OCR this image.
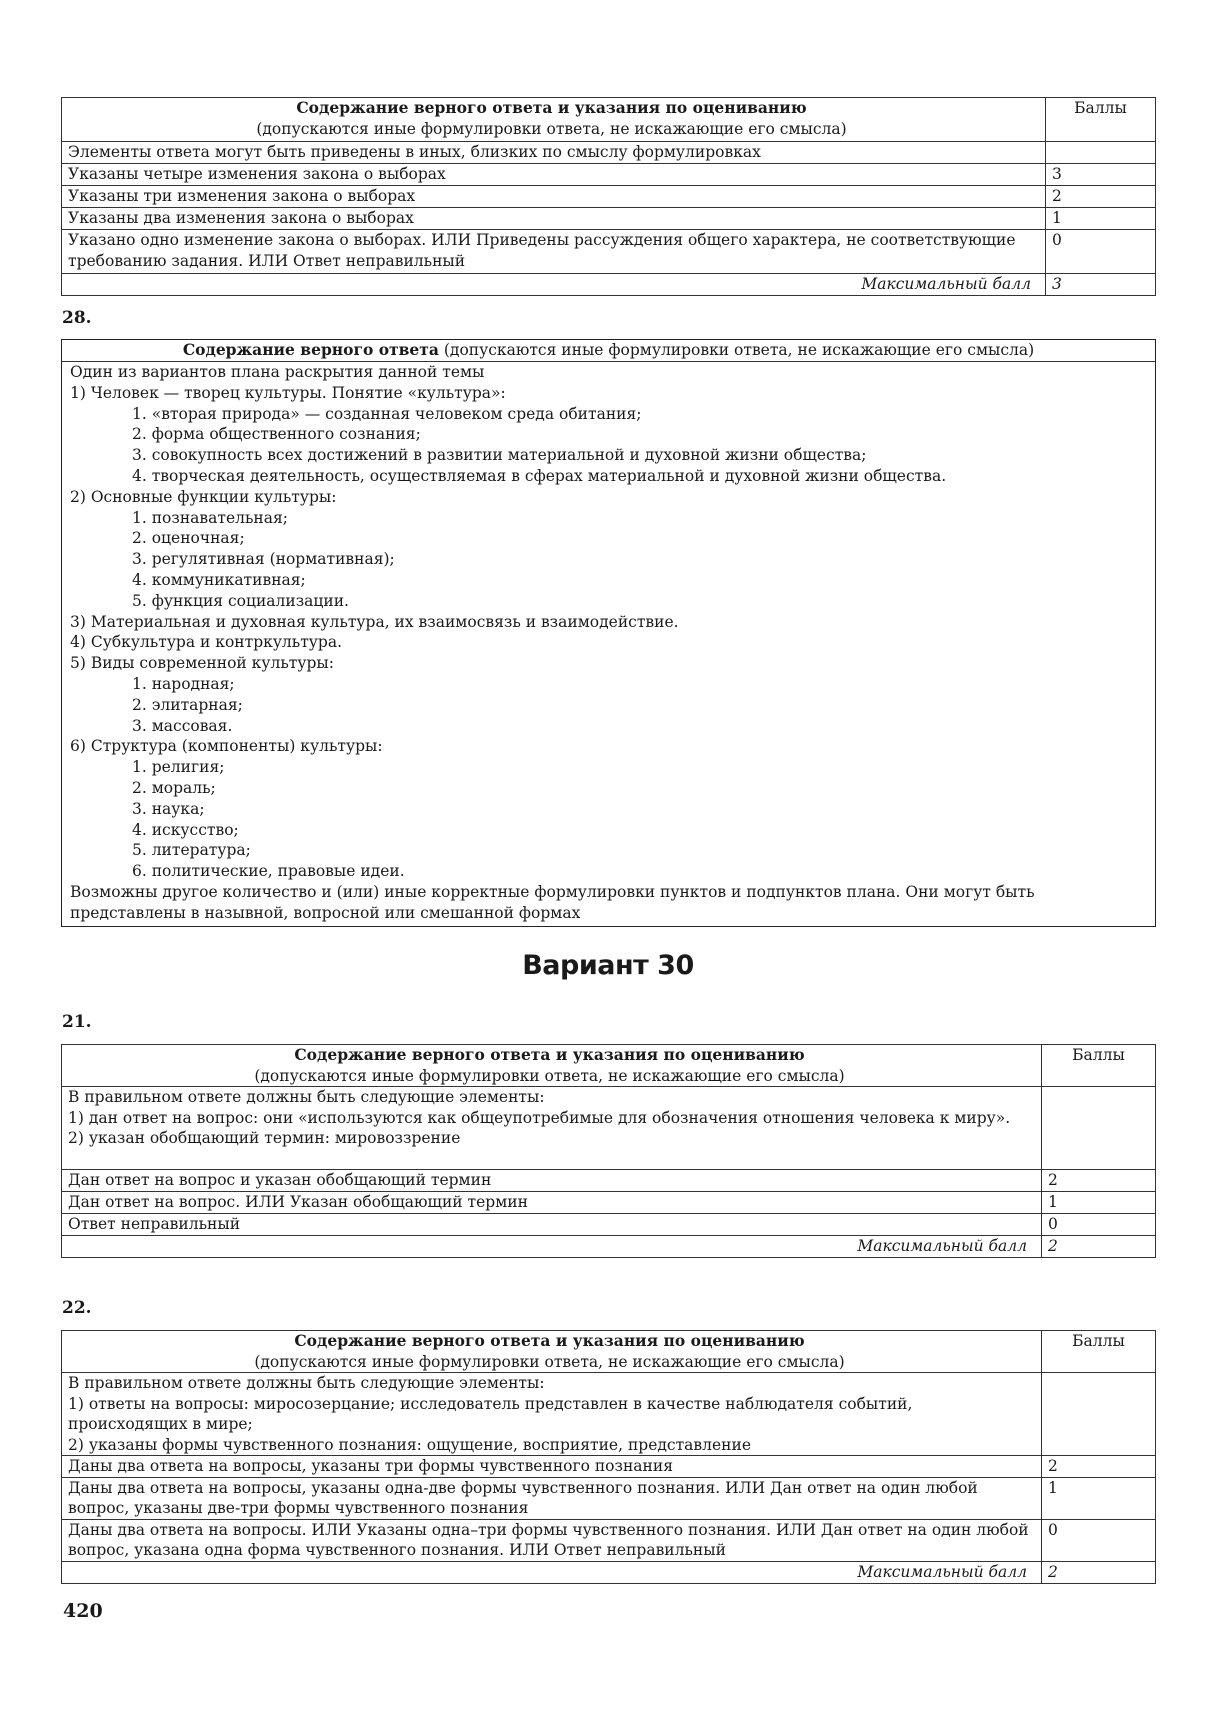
Содержание верного ответа и указания по оцениванию
(допускаются иные формулировки ответа, не искажающие его смысла)	Баллы
Элементы ответа могут быть приведены в иных, близких по смыслу формулировках	
Указаны четыре изменения закона о выборах	3
Указаны три изменения закона о выборах	2
Указаны два изменения закона о выборах	1
Указано одно изменение закона о выборах. ИЛИ Приведены рассуждения общего характера, не соответствующие требованию задания. ИЛИ Ответ неправильный	0
Максимальный балл	3
28.
Содержание верного ответа (допускаются иные формулировки ответа, не искажающие его смысла)
Один из вариантов плана раскрытия данной темы
1) Человек — творец культуры. Понятие «культура»:
1. «вторая природа» — созданная человеком среда обитания;
2. форма общественного сознания;
3. совокупность всех достижений в развитии материальной и духовной жизни общества;
4. творческая деятельность, осуществляемая в сферах материальной и духовной жизни общества.
2) Основные функции культуры:
1. познавательная;
2. оценочная;
3. регулятивная (нормативная);
4. коммуникативная;
5. функция социализации.
3) Материальная и духовная культура, их взаимосвязь и взаимодействие.
4) Субкультура и контркультура.
5) Виды современной культуры:
1. народная;
2. элитарная;
3. массовая.
6) Структура (компоненты) культуры:
1. религия;
2. мораль;
3. наука;
4. искусство;
5. литература;
6. политические, правовые идеи.
Возможны другое количество и (или) иные корректные формулировки пунктов и подпунктов плана. Они могут быть представлены в назывной, вопросной или смешанной формах
Вариант 30
21.
Содержание верного ответа и указания по оцениванию
(допускаются иные формулировки ответа, не искажающие его смысла)	Баллы

В правильном ответе должны быть следующие элементы:
1) дан ответ на вопрос: они «используются как общеупотребимые для обозначения отношения человека к миру».
2) указан обобщающий термин: мировоззрение	

Дан ответ на вопрос и указан обобщающий термин	2
Дан ответ на вопрос. ИЛИ Указан обобщающий термин	1
Ответ неправильный	0
Максимальный балл	2
22.
Содержание верного ответа и указания по оцениванию
(допускаются иные формулировки ответа, не искажающие его смысла)	Баллы

В правильном ответе должны быть следующие элементы:
1) ответы на вопросы: миросозерцание; исследователь представлен в качестве наблюдателя событий, происходящих в мире;
2) указаны формы чувственного познания: ощущение, восприятие, представление	

Даны два ответа на вопросы, указаны три формы чувственного познания	2
Даны два ответа на вопросы, указаны одна-две формы чувственного познания. ИЛИ Дан ответ на один любой вопрос, указаны две-три формы чувственного познания	1
Даны два ответа на вопросы. ИЛИ Указаны одна–три формы чувственного познания. ИЛИ Дан ответ на один любой вопрос, указана одна форма чувственного познания. ИЛИ Ответ неправильный	0
Максимальный балл	2
420
